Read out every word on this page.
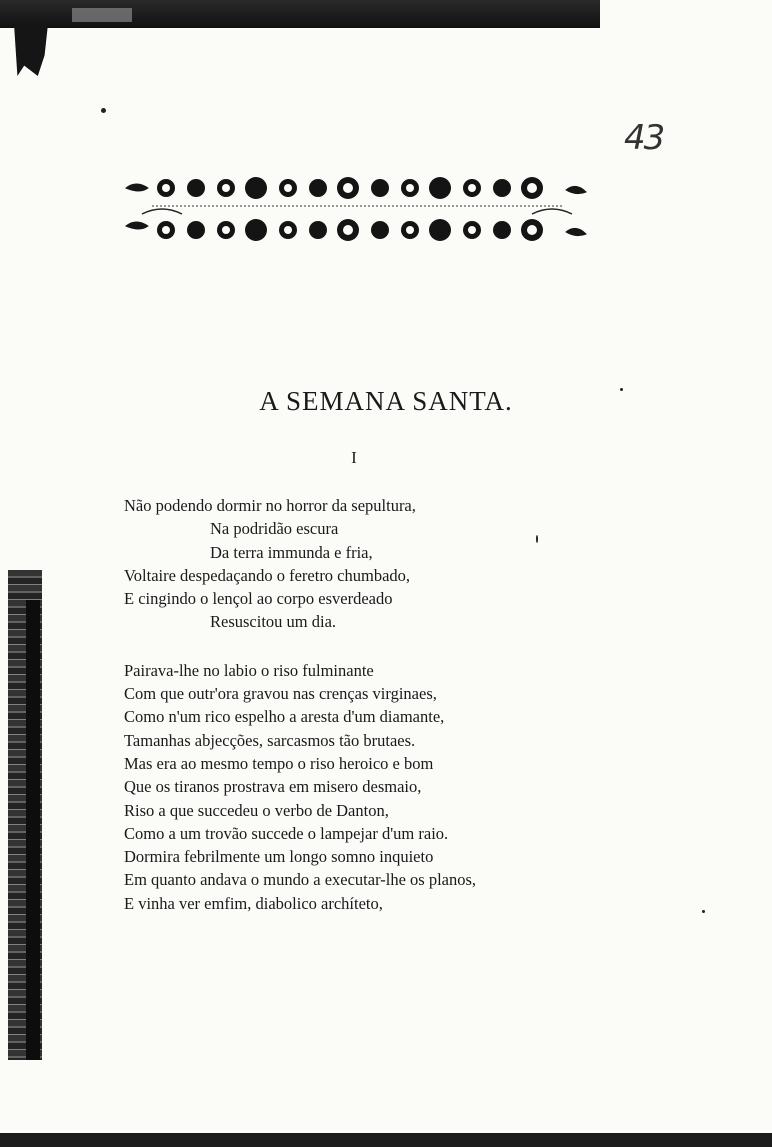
43
A SEMANA SANTA.
I
Não podendo dormir no horror da sepultura,
Na podridão escura
Da terra immunda e fria,
Voltaire despedaçando o feretro chumbado,
E cingindo o lençol ao corpo esverdeado
Resuscitou um dia.
Pairava-lhe no labio o riso fulminante
Com que outr'ora gravou nas crenças virginaes,
Como n'um rico espelho a aresta d'um diamante,
Tamanhas abjecções, sarcasmos tão brutaes.
Mas era ao mesmo tempo o riso heroico e bom
Que os tiranos prostrava em misero desmaio,
Riso a que succedeu o verbo de Danton,
Como a um trovão succede o lampejar d'um raio.
Dormira febrilmente um longo somno inquieto
Em quanto andava o mundo a executar-lhe os planos,
E vinha ver emfim, diabolico archíteto,
